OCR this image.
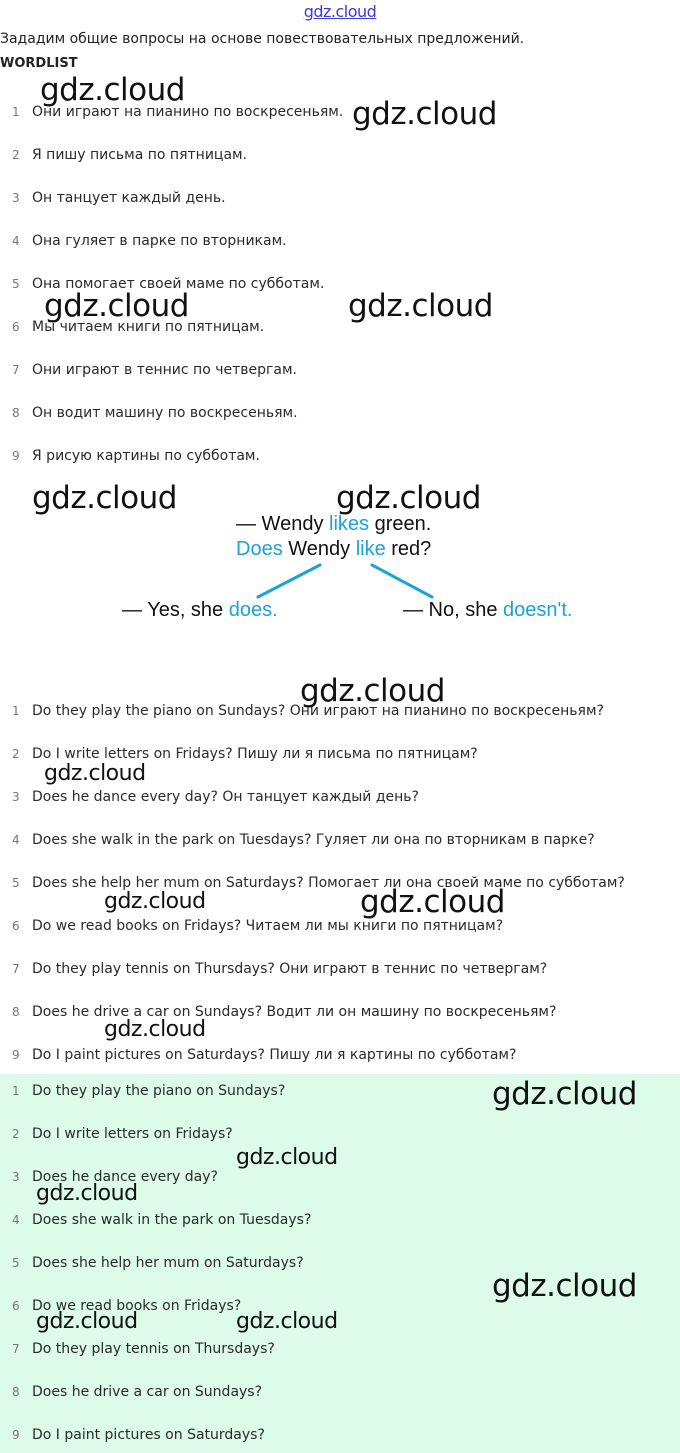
gdz.cloud
Зададим общие вопросы на основе повествовательных предложений.
WORDLIST
1 Они играют на пианино по воскресеньям.
2 Я пишу письма по пятницам.
3 Он танцует каждый день.
4 Она гуляет в парке по вторникам.
5 Она помогает своей маме по субботам.
6 Мы читаем книги по пятницам.
7 Они играют в теннис по четвергам.
8 Он водит машину по воскресеньям.
9 Я рисую картины по субботам.
— Wendy likes green.
Does Wendy like red?
— Yes, she does.	— No, she doesn't.
1 Do they play the piano on Sundays? Они играют на пианино по воскресеньям?
2 Do I write letters on Fridays? Пишу ли я письма по пятницам?
3 Does he dance every day? Он танцует каждый день?
4 Does she walk in the park on Tuesdays? Гуляет ли она по вторникам в парке?
5 Does she help her mum on Saturdays? Помогает ли она своей маме по субботам?
6 Do we read books on Fridays? Читаем ли мы книги по пятницам?
7 Do they play tennis on Thursdays? Они играют в теннис по четвергам?
8 Does he drive a car on Sundays? Водит ли он машину по воскресеньям?
9 Do I paint pictures on Saturdays? Пишу ли я картины по субботам?
1 Do they play the piano on Sundays?
2 Do I write letters on Fridays?
3 Does he dance every day?
4 Does she walk in the park on Tuesdays?
5 Does she help her mum on Saturdays?
6 Do we read books on Fridays?
7 Do they play tennis on Thursdays?
8 Does he drive a car on Sundays?
9 Do I paint pictures on Saturdays?
gdz.cloud
gdz.cloud
gdz.cloud	gdz.cloud
gdz.cloud	gdz.cloud
gdz.cloud
gdz.cloud
gdz.cloud	gdz.cloud
gdz.cloud
gdz.cloud
gdz.cloud
gdz.cloud
gdz.cloud
gdz.cloud	gdz.cloud
